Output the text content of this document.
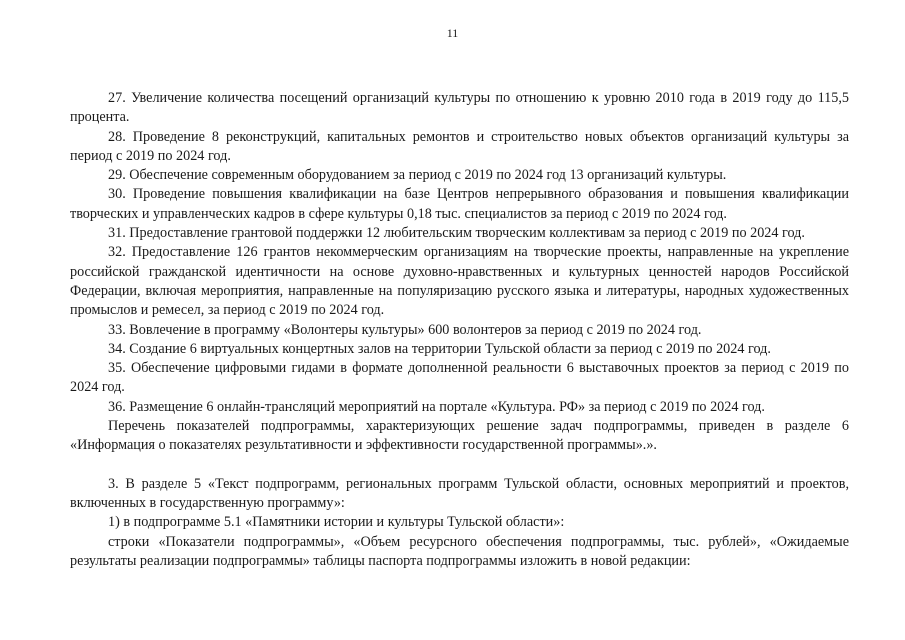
11

27. Увеличение количества посещений организаций культуры по отношению к уровню 2010 года в 2019 году до 115,5 процента.

28. Проведение 8 реконструкций, капитальных ремонтов и строительство новых объектов организаций культуры за период с 2019 по 2024 год.

29. Обеспечение современным оборудованием за период с 2019 по 2024 год 13 организаций культуры.

30. Проведение повышения квалификации на базе Центров непрерывного образования и повышения квалификации творческих и управленческих кадров в сфере культуры 0,18 тыс. специалистов за период с 2019 по 2024 год.

31. Предоставление грантовой поддержки 12 любительским творческим коллективам за период с 2019 по 2024 год.

32. Предоставление 126 грантов некоммерческим организациям на творческие проекты, направленные на укрепление российской гражданской идентичности на основе духовно-нравственных и культурных ценностей народов Российской Федерации, включая мероприятия, направленные на популяризацию русского языка и литературы, народных художественных промыслов и ремесел, за период с 2019 по 2024 год.

33. Вовлечение в программу «Волонтеры культуры» 600 волонтеров за период с 2019 по 2024 год.

34. Создание 6 виртуальных концертных залов на территории Тульской области за период с 2019 по 2024 год.

35. Обеспечение цифровыми гидами в формате дополненной реальности 6 выставочных проектов за период с 2019 по 2024 год.

36. Размещение 6 онлайн-трансляций мероприятий на портале «Культура. РФ» за период с 2019 по 2024 год.

Перечень показателей подпрограммы, характеризующих решение задач подпрограммы, приведен в разделе 6 «Информация о показателях результативности и эффективности государственной программы».».

3. В разделе 5 «Текст подпрограмм, региональных программ Тульской области, основных мероприятий и проектов, включенных в государственную программу»:

1) в подпрограмме 5.1 «Памятники истории и культуры Тульской области»:

строки «Показатели подпрограммы», «Объем ресурсного обеспечения подпрограммы, тыс. рублей», «Ожидаемые результаты реализации подпрограммы» таблицы паспорта подпрограммы изложить в новой редакции:
